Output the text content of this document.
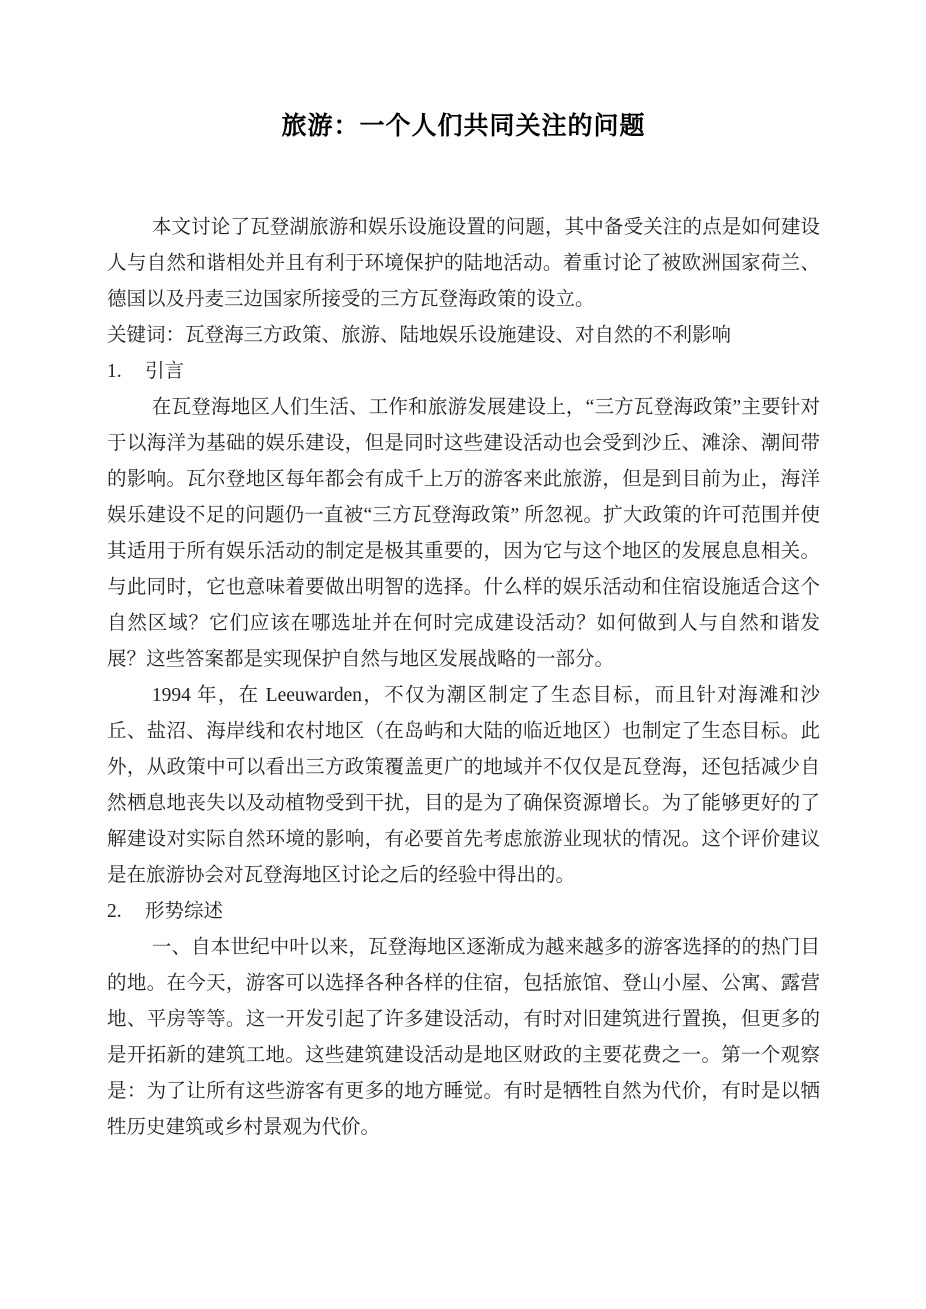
旅游：一个人们共同关注的问题

本文讨论了瓦登湖旅游和娱乐设施设置的问题，其中备受关注的点是如何建设人与自然和谐相处并且有利于环境保护的陆地活动。着重讨论了被欧洲国家荷兰、德国以及丹麦三边国家所接受的三方瓦登海政策的设立。

关键词：瓦登海三方政策、旅游、陆地娱乐设施建设、对自然的不利影响

1. 引言

在瓦登海地区人们生活、工作和旅游发展建设上，“三方瓦登海政策”主要针对于以海洋为基础的娱乐建设，但是同时这些建设活动也会受到沙丘、滩涂、潮间带的影响。瓦尔登地区每年都会有成千上万的游客来此旅游，但是到目前为止，海洋娱乐建设不足的问题仍一直被“三方瓦登海政策” 所忽视。扩大政策的许可范围并使其适用于所有娱乐活动的制定是极其重要的，因为它与这个地区的发展息息相关。与此同时，它也意味着要做出明智的选择。什么样的娱乐活动和住宿设施适合这个自然区域？它们应该在哪选址并在何时完成建设活动？如何做到人与自然和谐发展？这些答案都是实现保护自然与地区发展战略的一部分。

1994 年，在 Leeuwarden，不仅为潮区制定了生态目标，而且针对海滩和沙丘、盐沼、海岸线和农村地区（在岛屿和大陆的临近地区）也制定了生态目标。此外，从政策中可以看出三方政策覆盖更广的地域并不仅仅是瓦登海，还包括减少自然栖息地丧失以及动植物受到干扰，目的是为了确保资源增长。为了能够更好的了解建设对实际自然环境的影响，有必要首先考虑旅游业现状的情况。这个评价建议是在旅游协会对瓦登海地区讨论之后的经验中得出的。

2. 形势综述

一、自本世纪中叶以来，瓦登海地区逐渐成为越来越多的游客选择的的热门目的地。在今天，游客可以选择各种各样的住宿，包括旅馆、登山小屋、公寓、露营地、平房等等。这一开发引起了许多建设活动，有时对旧建筑进行置换，但更多的是开拓新的建筑工地。这些建筑建设活动是地区财政的主要花费之一。第一个观察是：为了让所有这些游客有更多的地方睡觉。有时是牺牲自然为代价，有时是以牺牲历史建筑或乡村景观为代价。
